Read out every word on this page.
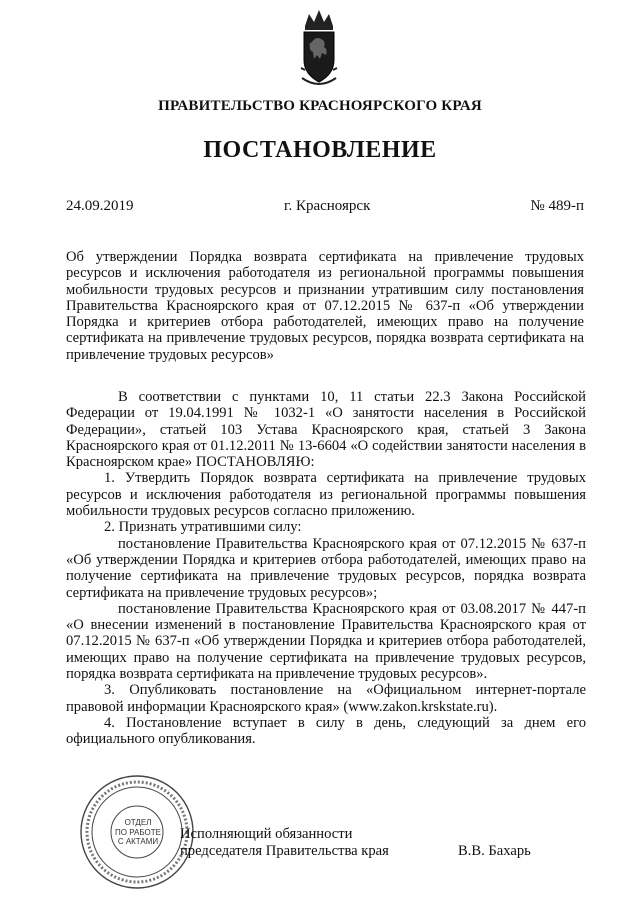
ПРАВИТЕЛЬСТВО КРАСНОЯРСКОГО КРАЯ
ПОСТАНОВЛЕНИЕ
24.09.2019	г. Красноярск	№ 489-п
Об утверждении Порядка возврата сертификата на привлечение трудовых ресурсов и исключения работодателя из региональной программы повышения мобильности трудовых ресурсов и признании утратившим силу постановления Правительства Красноярского края от 07.12.2015 № 637-п «Об утверждении Порядка и критериев отбора работодателей, имеющих право на получение сертификата на привлечение трудовых ресурсов, порядка возврата сертификата на привлечение трудовых ресурсов»

В соответствии с пунктами 10, 11 статьи 22.3 Закона Российской Федерации от 19.04.1991 № 1032-1 «О занятости населения в Российской Федерации», статьей 103 Устава Красноярского края, статьей 3 Закона Красноярского края от 01.12.2011 № 13-6604 «О содействии занятости населения в Красноярском крае» ПОСТАНОВЛЯЮ:

1. Утвердить Порядок возврата сертификата на привлечение трудовых ресурсов и исключения работодателя из региональной программы повышения мобильности трудовых ресурсов согласно приложению.

2. Признать утратившими силу:

постановление Правительства Красноярского края от 07.12.2015 № 637-п «Об утверждении Порядка и критериев отбора работодателей, имеющих право на получение сертификата на привлечение трудовых ресурсов, порядка возврата сертификата на привлечение трудовых ресурсов»;

постановление Правительства Красноярского края от 03.08.2017 № 447-п «О внесении изменений в постановление Правительства Красноярского края от 07.12.2015 № 637-п «Об утверждении Порядка и критериев отбора работодателей, имеющих право на получение сертификата на привлечение трудовых ресурсов, порядка возврата сертификата на привлечение трудовых ресурсов».

3. Опубликовать постановление на «Официальном интернет-портале правовой информации Красноярского края» (www.zakon.krskstate.ru).

4. Постановление вступает в силу в день, следующий за днем его официального опубликования.

ОТДЕЛ
ПО РАБОТЕ
С АКТАМИ Исполняющий обязанности
председателя Правительства края	В.В. Бахарь
